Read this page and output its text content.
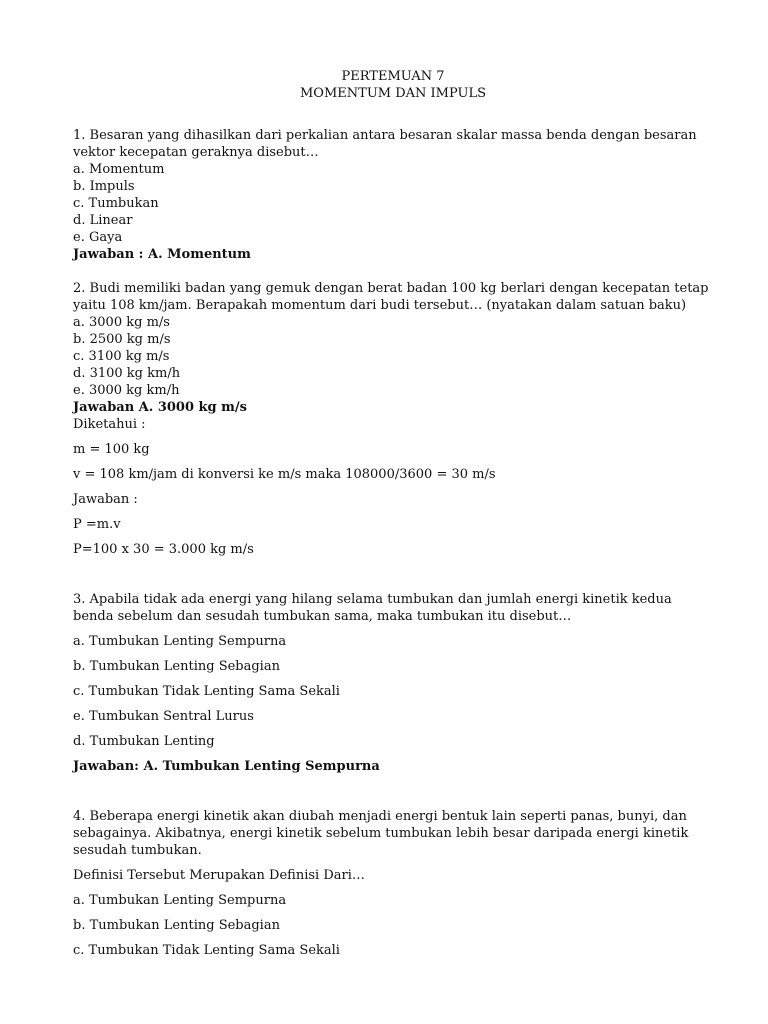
PERTEMUAN 7
MOMENTUM DAN IMPULS

1. Besaran yang dihasilkan dari perkalian antara besaran skalar massa benda dengan besaran vektor kecepatan geraknya disebut…

a. Momentum

b. Impuls

c. Tumbukan

d. Linear

e. Gaya

Jawaban : A. Momentum

2. Budi memiliki badan yang gemuk dengan berat badan 100 kg berlari dengan kecepatan tetap yaitu 108 km/jam. Berapakah momentum dari budi tersebut… (nyatakan dalam satuan baku)

a. 3000 kg m/s

b. 2500 kg m/s

c. 3100 kg m/s

d. 3100 kg km/h

e. 3000 kg km/h

Jawaban A. 3000 kg m/s

Diketahui :

m = 100 kg

v = 108 km/jam di konversi ke m/s maka 108000/3600 = 30 m/s

Jawaban :

P =m.v

P=100 x 30 = 3.000 kg m/s

3. Apabila tidak ada energi yang hilang selama tumbukan dan jumlah energi kinetik kedua benda sebelum dan sesudah tumbukan sama, maka tumbukan itu disebut…

a. Tumbukan Lenting Sempurna

b. Tumbukan Lenting Sebagian

c. Tumbukan Tidak Lenting Sama Sekali

e. Tumbukan Sentral Lurus

d. Tumbukan Lenting

Jawaban: A. Tumbukan Lenting Sempurna

4. Beberapa energi kinetik akan diubah menjadi energi bentuk lain seperti panas, bunyi, dan sebagainya. Akibatnya, energi kinetik sebelum tumbukan lebih besar daripada energi kinetik sesudah tumbukan.

Definisi Tersebut Merupakan Definisi Dari…

a. Tumbukan Lenting Sempurna

b. Tumbukan Lenting Sebagian

c. Tumbukan Tidak Lenting Sama Sekali
